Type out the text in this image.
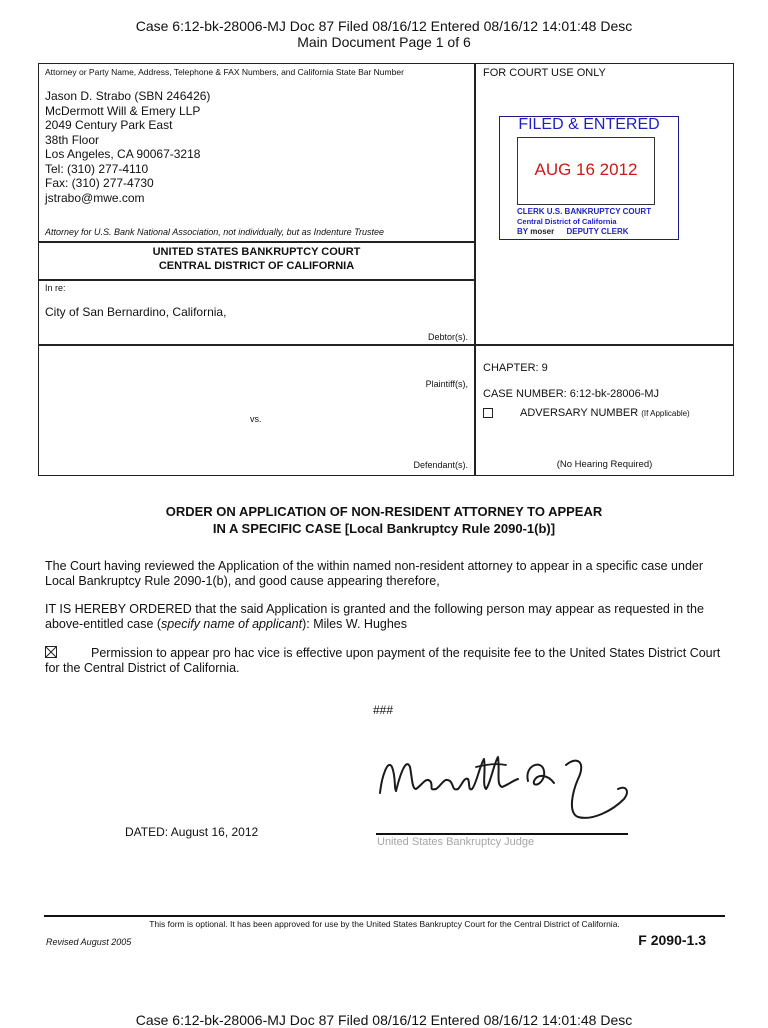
Case 6:12-bk-28006-MJ Doc 87 Filed 08/16/12 Entered 08/16/12 14:01:48 Desc
Main Document Page 1 of 6
Attorney or Party Name, Address, Telephone & FAX Numbers, and California State Bar Number
Jason D. Strabo (SBN 246426)
McDermott Will & Emery LLP
2049 Century Park East
38th Floor
Los Angeles, CA 90067-3218
Tel: (310) 277-4110
Fax: (310) 277-4730
jstrabo@mwe.com
Attorney for U.S. Bank National Association, not individually, but as Indenture Trustee
UNITED STATES BANKRUPTCY COURT
CENTRAL DISTRICT OF CALIFORNIA
In re:
City of San Bernardino, California,
Debtor(s).
Plaintiff(s),
vs.
Defendant(s).
FOR COURT USE ONLY
FILED & ENTERED
AUG 16 2012
CLERK U.S. BANKRUPTCY COURT
Central District of California
BY moser DEPUTY CLERK
CHAPTER: 9
CASE NUMBER: 6:12-bk-28006-MJ
ADVERSARY NUMBER (If Applicable)
(No Hearing Required)
ORDER ON APPLICATION OF NON-RESIDENT ATTORNEY TO APPEAR
IN A SPECIFIC CASE [Local Bankruptcy Rule 2090-1(b)]
The Court having reviewed the Application of the within named non-resident attorney to appear in a specific case under
Local Bankruptcy Rule 2090-1(b), and good cause appearing therefore,
IT IS HEREBY ORDERED that the said Application is granted and the following person may appear as requested in the
above-entitled case (specify name of applicant): Miles W. Hughes
Permission to appear pro hac vice is effective upon payment of the requisite fee to the United States District Court
for the Central District of California.
###
DATED: August 16, 2012
United States Bankruptcy Judge
This form is optional. It has been approved for use by the United States Bankruptcy Court for the Central District of California.
Revised August 2005	F 2090-1.3
Case 6:12-bk-28006-MJ Doc 87 Filed 08/16/12 Entered 08/16/12 14:01:48 Desc
